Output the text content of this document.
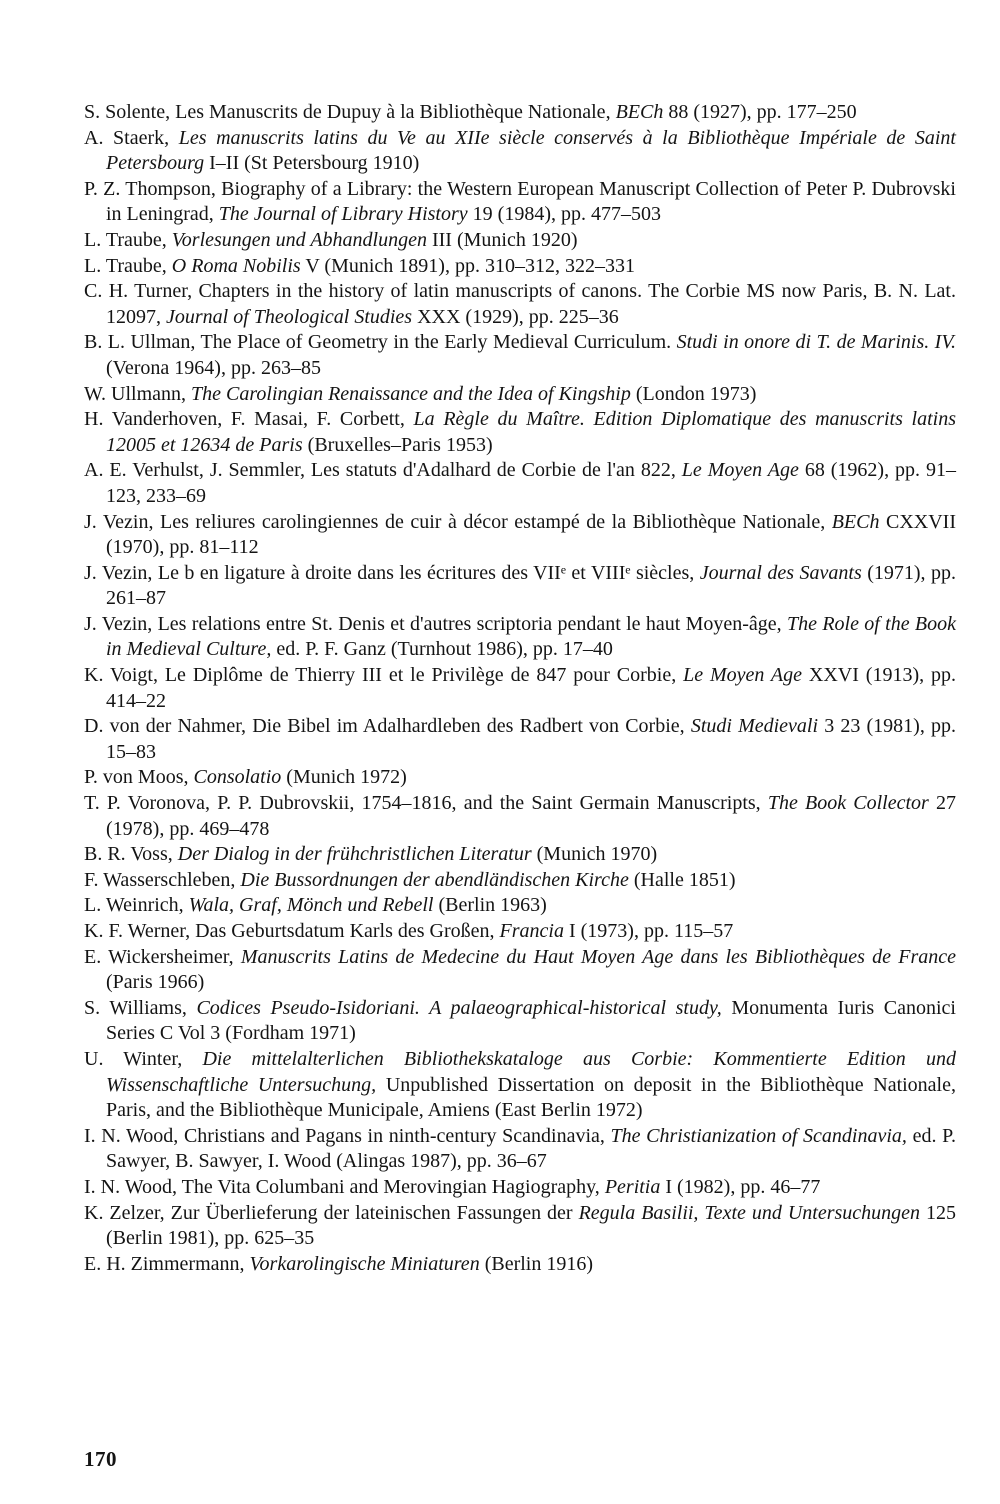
S. Solente, Les Manuscrits de Dupuy à la Bibliothèque Nationale, BECh 88 (1927), pp. 177–250
A. Staerk, Les manuscrits latins du Ve au XIIe siècle conservés à la Bibliothèque Impériale de Saint Petersbourg I–II (St Petersbourg 1910)
P. Z. Thompson, Biography of a Library: the Western European Manuscript Collection of Peter P. Dubrovski in Leningrad, The Journal of Library History 19 (1984), pp. 477–503
L. Traube, Vorlesungen und Abhandlungen III (Munich 1920)
L. Traube, O Roma Nobilis V (Munich 1891), pp. 310–312, 322–331
C. H. Turner, Chapters in the history of latin manuscripts of canons. The Corbie MS now Paris, B. N. Lat. 12097, Journal of Theological Studies XXX (1929), pp. 225–36
B. L. Ullman, The Place of Geometry in the Early Medieval Curriculum. Studi in onore di T. de Marinis. IV. (Verona 1964), pp. 263–85
W. Ullmann, The Carolingian Renaissance and the Idea of Kingship (London 1973)
H. Vanderhoven, F. Masai, F. Corbett, La Règle du Maître. Edition Diplomatique des manuscrits latins 12005 et 12634 de Paris (Bruxelles–Paris 1953)
A. E. Verhulst, J. Semmler, Les statuts d'Adalhard de Corbie de l'an 822, Le Moyen Age 68 (1962), pp. 91–123, 233–69
J. Vezin, Les reliures carolingiennes de cuir à décor estampé de la Bibliothèque Nationale, BECh CXXVII (1970), pp. 81–112
J. Vezin, Le b en ligature à droite dans les écritures des VIIᵉ et VIIIᵉ siècles, Journal des Savants (1971), pp. 261–87
J. Vezin, Les relations entre St. Denis et d'autres scriptoria pendant le haut Moyen-âge, The Role of the Book in Medieval Culture, ed. P. F. Ganz (Turnhout 1986), pp. 17–40
K. Voigt, Le Diplôme de Thierry III et le Privilège de 847 pour Corbie, Le Moyen Age XXVI (1913), pp. 414–22
D. von der Nahmer, Die Bibel im Adalhardleben des Radbert von Corbie, Studi Medievali 3 23 (1981), pp. 15–83
P. von Moos, Consolatio (Munich 1972)
T. P. Voronova, P. P. Dubrovskii, 1754–1816, and the Saint Germain Manuscripts, The Book Collector 27 (1978), pp. 469–478
B. R. Voss, Der Dialog in der frühchristlichen Literatur (Munich 1970)
F. Wasserschleben, Die Bussordnungen der abendländischen Kirche (Halle 1851)
L. Weinrich, Wala, Graf, Mönch und Rebell (Berlin 1963)
K. F. Werner, Das Geburtsdatum Karls des Großen, Francia I (1973), pp. 115–57
E. Wickersheimer, Manuscrits Latins de Medecine du Haut Moyen Age dans les Bibliothèques de France (Paris 1966)
S. Williams, Codices Pseudo-Isidoriani. A palaeographical-historical study, Monumenta Iuris Canonici Series C Vol 3 (Fordham 1971)
U. Winter, Die mittelalterlichen Bibliothekskataloge aus Corbie: Kommentierte Edition und Wissenschaftliche Untersuchung, Unpublished Dissertation on deposit in the Bibliothèque Nationale, Paris, and the Bibliothèque Municipale, Amiens (East Berlin 1972)
I. N. Wood, Christians and Pagans in ninth-century Scandinavia, The Christianization of Scandinavia, ed. P. Sawyer, B. Sawyer, I. Wood (Alingas 1987), pp. 36–67
I. N. Wood, The Vita Columbani and Merovingian Hagiography, Peritia I (1982), pp. 46–77
K. Zelzer, Zur Überlieferung der lateinischen Fassungen der Regula Basilii, Texte und Untersuchungen 125 (Berlin 1981), pp. 625–35
E. H. Zimmermann, Vorkarolingische Miniaturen (Berlin 1916)
170
